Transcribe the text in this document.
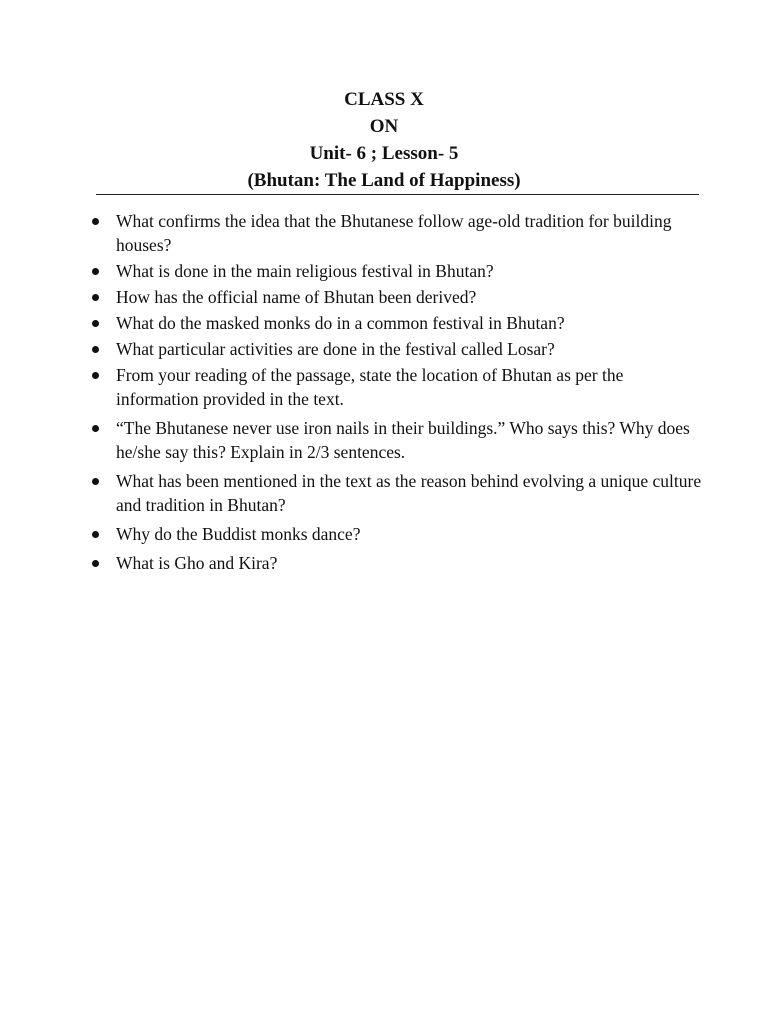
CLASS X
ON
Unit- 6 ; Lesson- 5
(Bhutan: The Land of Happiness)
What confirms the idea that the Bhutanese follow age-old tradition for building houses?
What is done in the main religious festival in Bhutan?
How has the official name of Bhutan been derived?
What do the masked monks do in a common festival in Bhutan?
What particular activities are done in the festival called Losar?
From your reading of the passage, state the location of Bhutan as per the information provided in the text.
“The Bhutanese never use iron nails in their buildings.” Who says this? Why does he/she say this? Explain in 2/3 sentences.
What has been mentioned in the text as the reason behind evolving a unique culture and tradition in Bhutan?
Why do the Buddist monks dance?
What is Gho and Kira?
